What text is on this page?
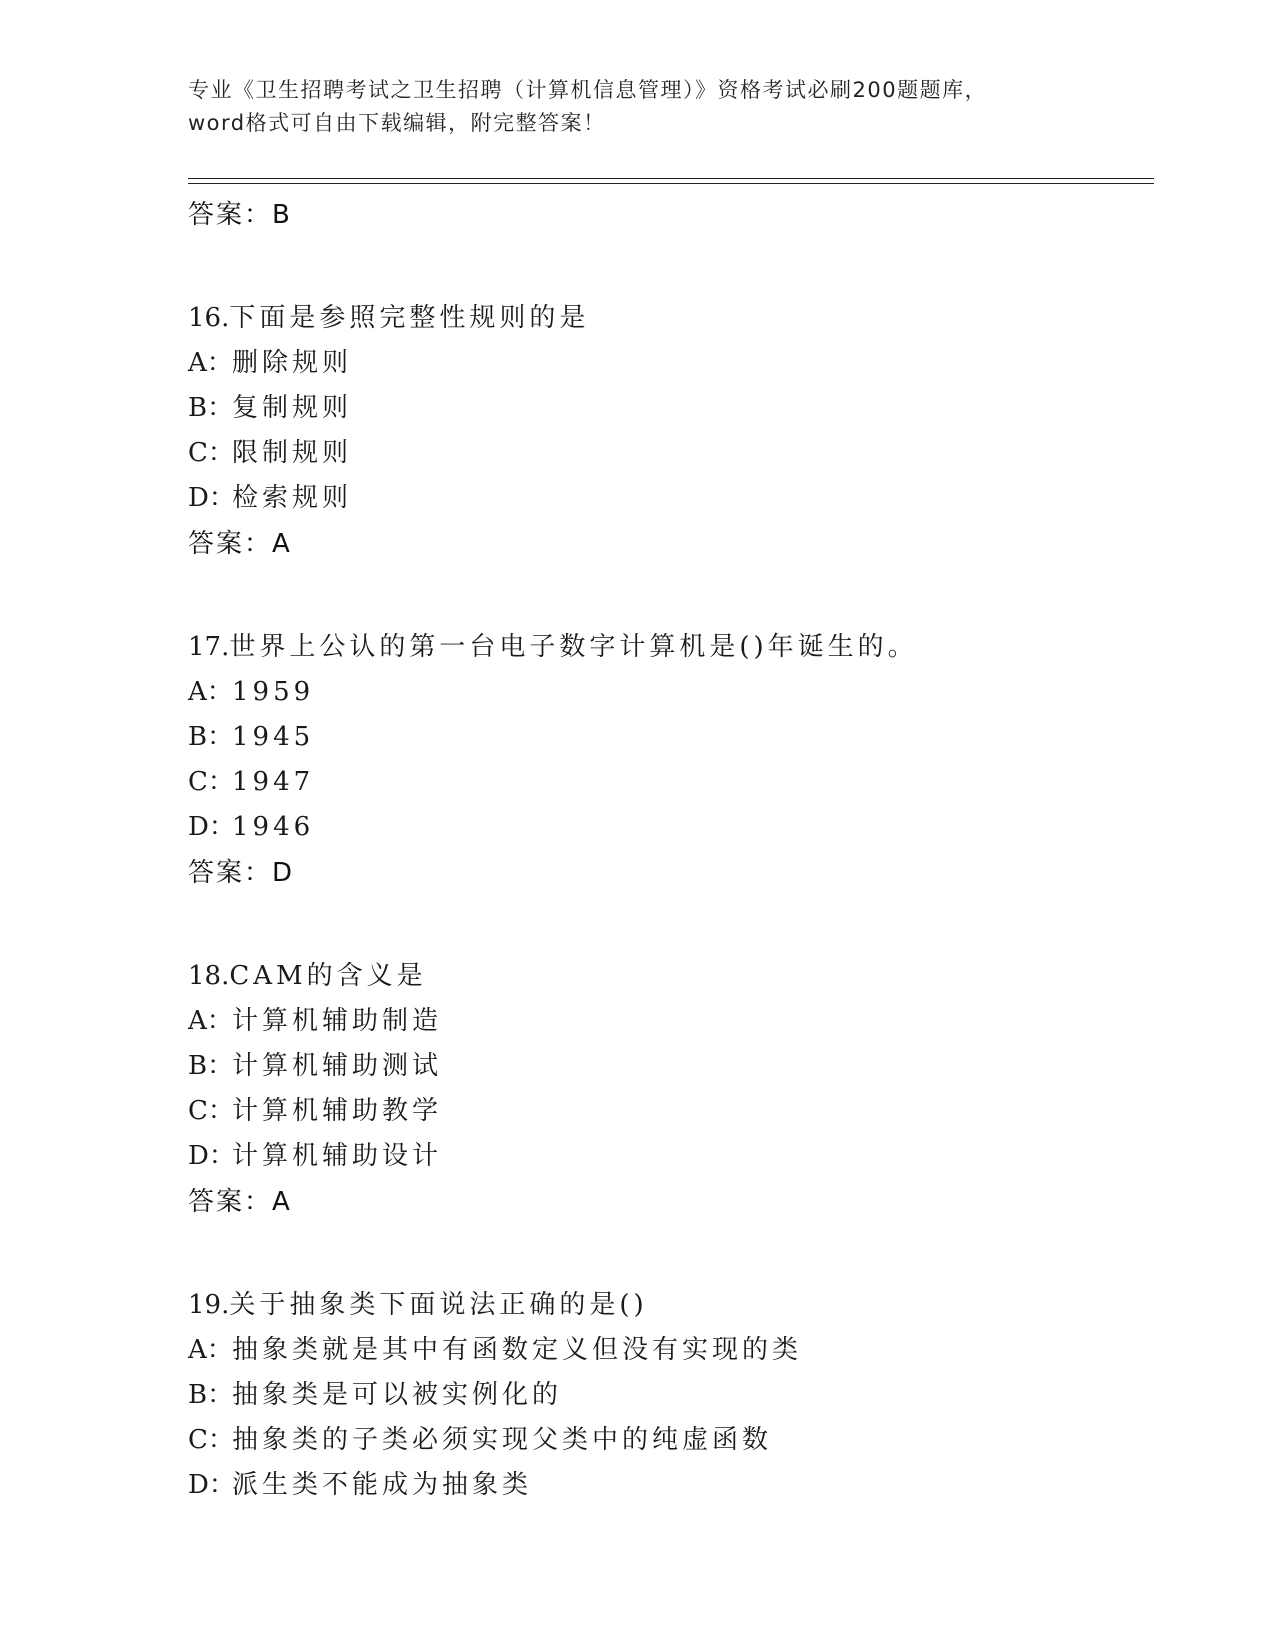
专业《卫生招聘考试之卫生招聘（计算机信息管理）》资格考试必刷200题题库，
word格式可自由下载编辑，附完整答案！
答案：B
16.下面是参照完整性规则的是
A：删除规则
B：复制规则
C：限制规则
D：检索规则
答案：A
17.世界上公认的第一台电子数字计算机是()年诞生的。
A：1959
B：1945
C：1947
D：1946
答案：D
18.CAM的含义是
A：计算机辅助制造
B：计算机辅助测试
C：计算机辅助教学
D：计算机辅助设计
答案：A
19.关于抽象类下面说法正确的是()
A：抽象类就是其中有函数定义但没有实现的类
B：抽象类是可以被实例化的
C：抽象类的子类必须实现父类中的纯虚函数
D：派生类不能成为抽象类
